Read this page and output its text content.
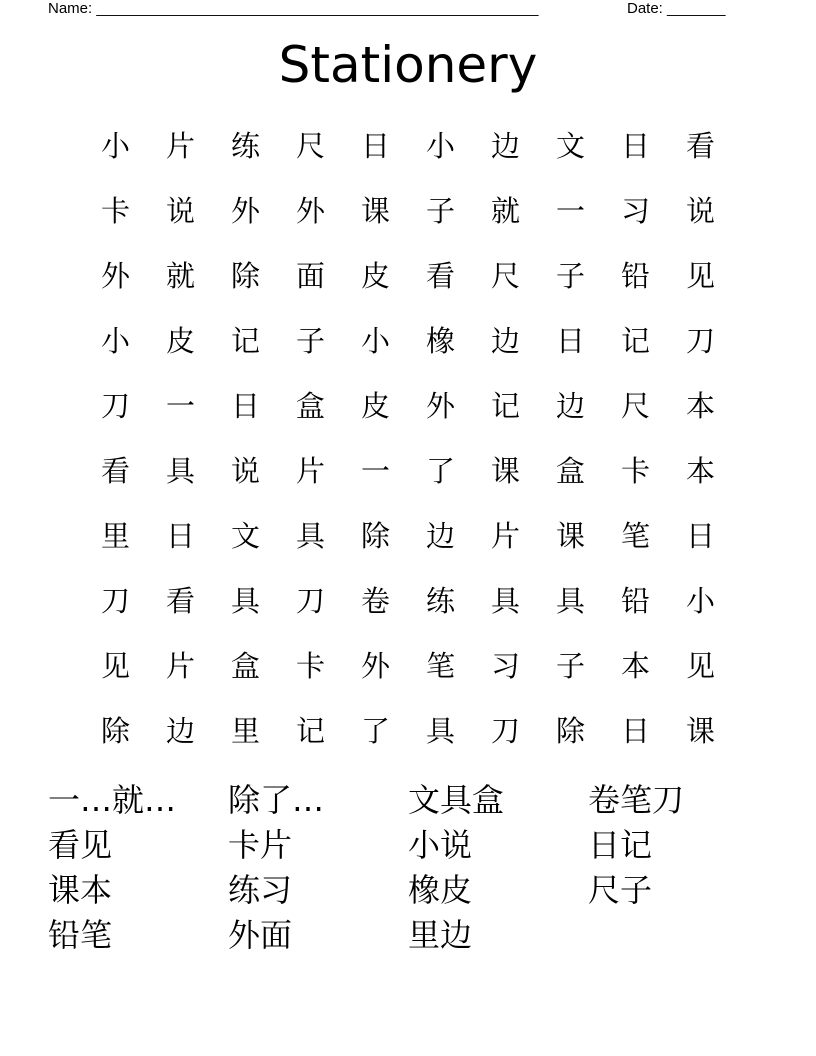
Name: _____________________________________________________	Date: _______
Stationery
小	片	练	尺	日	小	边	文	日	看
卡	说	外	外	课	子	就	一	习	说
外	就	除	面	皮	看	尺	子	铅	见
小	皮	记	子	小	橡	边	日	记	刀
刀	一	日	盒	皮	外	记	边	尺	本
看	具	说	片	一	了	课	盒	卡	本
里	日	文	具	除	边	片	课	笔	日
刀	看	具	刀	卷	练	具	具	铅	小
见	片	盒	卡	外	笔	习	子	本	见
除	边	里	记	了	具	刀	除	日	课
一…就…	除了…	文具盒	卷笔刀
看见	卡片	小说	日记
课本	练习	橡皮	尺子
铅笔	外面	里边
